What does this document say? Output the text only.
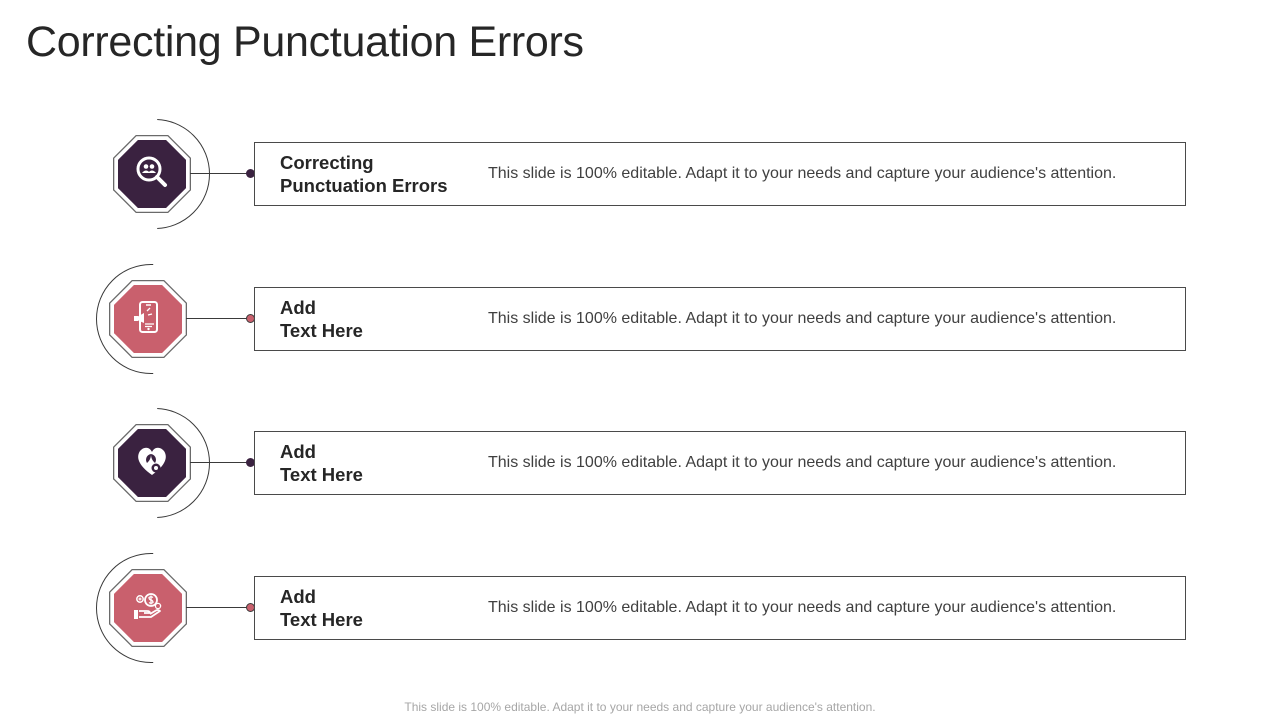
Correcting Punctuation Errors
Correcting
Punctuation Errors
This slide is 100% editable. Adapt it to your needs and capture your audience's attention.
Add
Text Here
This slide is 100% editable. Adapt it to your needs and capture your audience's attention.
Add
Text Here
This slide is 100% editable. Adapt it to your needs and capture your audience's attention.
Add
Text Here
This slide is 100% editable. Adapt it to your needs and capture your audience's attention.
This slide is 100% editable. Adapt it to your needs and capture your audience's attention.
